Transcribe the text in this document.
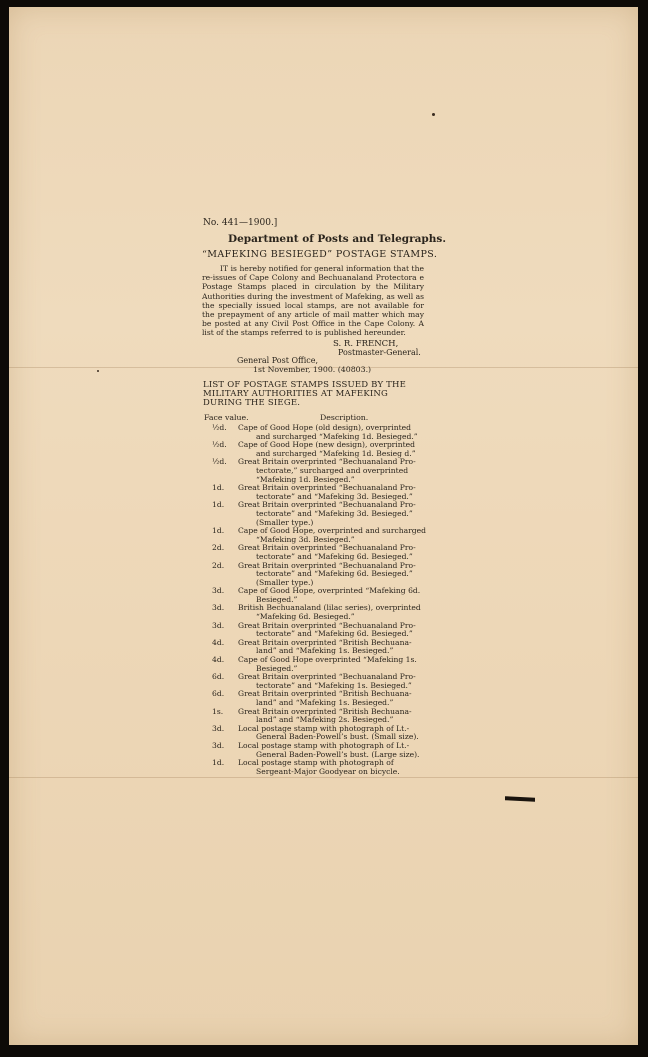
No. 441—1900.]
Department of Posts and Telegraphs.
“MAFEKING BESIEGED” POSTAGE STAMPS.
IT is hereby notified for general information that the re-issues of Cape Colony and Bechuanaland Protectora e Postage Stamps placed in circulation by the Military Authorities during the investment of Mafeking, as well as the specially issued local stamps, are not available for the prepayment of any article of mail matter which may be posted at any Civil Post Office in the Cape Colony. A list of the stamps referred to is published hereunder.
S. R. FRENCH,
Postmaster-General.
General Post Office,
1st November, 1900. (40803.)
LIST OF POSTAGE STAMPS ISSUED BY THE MILITARY AUTHORITIES AT MAFEKING DURING THE SIEGE.
Face value.	Description.
½d.	Cape of Good Hope (old design), overprinted
and surcharged “Mafeking 1d. Besieged.”
½d.	Cape of Good Hope (new design), overprinted
and surcharged “Mafeking 1d. Besieg d.”
½d.	Great Britain overprinted “Bechuanaland Pro-
tectorate,” surcharged and overprinted
“Mafeking 1d. Besieged.”
1d.	Great Britain overprinted “Bechuanaland Pro-
tectorate” and “Mafeking 3d. Besieged.”
1d.	Great Britain overprinted “Bechuanaland Pro-
tectorate” and “Mafeking 3d. Besieged.”
(Smaller type.)
1d.	Cape of Good Hope, overprinted and surcharged
“Mafeking 3d. Besieged.”
2d.	Great Britain overprinted “Bechuanaland Pro-
tectorate” and “Mafeking 6d. Besieged.”
2d.	Great Britain overprinted “Bechuanaland Pro-
tectorate” and “Mafeking 6d. Besieged.”
(Smaller type.)
3d.	Cape of Good Hope, overprinted “Mafeking 6d.
Besieged.”
3d.	British Bechuanaland (lilac series), overprinted
“Mafeking 6d. Besieged.”
3d.	Great Britain overprinted “Bechuanaland Pro-
tectorate” and “Mafeking 6d. Besieged.”
4d.	Great Britain overprinted “British Bechuana-
land” and “Mafeking 1s. Besieged.”
4d.	Cape of Good Hope overprinted “Mafeking 1s.
Besieged.”
6d.	Great Britain overprinted “Bechuanaland Pro-
tectorate” and “Mafeking 1s. Besieged.”
6d.	Great Britain overprinted “British Bechuana-
land” and “Mafeking 1s. Besieged.”
1s.	Great Britain overprinted “British Bechuana-
land” and “Mafeking 2s. Besieged.”
3d.	Local postage stamp with photograph of Lt.-
General Baden-Powell’s bust. (Small size).
3d.	Local postage stamp with photograph of Lt.-
General Baden-Powell’s bust. (Large size).
1d.	Local postage stamp with photograph of
Sergeant-Major Goodyear on bicycle.
